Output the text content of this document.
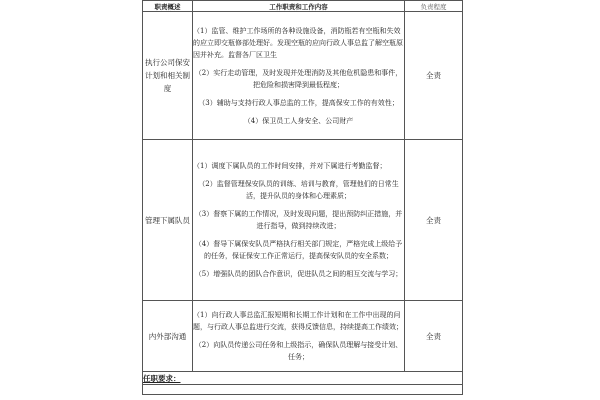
职责概述	工作职责和工作内容	负责程度
执行公司保安计划和相关制度	（1）监管、维护工作场所的各种设施设备，消防瓶若有空瓶和失效的应立即交瓶修部处理好。发现空瓶的应向行政人事总监了解空瓶原因并补充。监督各厂区卫生
（2）实行走动管理，及时发现并处理消防及其他危机隐患和事件，把危险和损害降到最低程度；
（3）辅助与支持行政人事总监的工作，提高保安工作的有效性；
（4）保卫员工人身安全、公司财产	全责
管理下属队员	（1）调度下属队员的工作时间安排，并对下属进行考勤监督；
（2）监督管理保安队员的训练、培训与教育，管理他们的日常生活，提升队员的身体和心理素质；
（3）督察下属的工作情况，及时发现问题，提出预防纠正措施，并进行指导，做到持续改进；
（4）督导下属保安队员严格执行相关部门规定，严格完成上级给予的任务，保证保安工作正常运行，提高保安队员的安全系数；
（5）增强队员的团队合作意识，促进队员之间的相互交流与学习；	全责
内外部沟通	（1）向行政人事总监汇报短期和长期工作计划和在工作中出现的问题，与行政人事总监进行交流，获得反馈信息，持续提高工作绩效；
（2）向队员传递公司任务和上级指示，确保队员理解与接受计划、任务；	全责
任职要求：		
